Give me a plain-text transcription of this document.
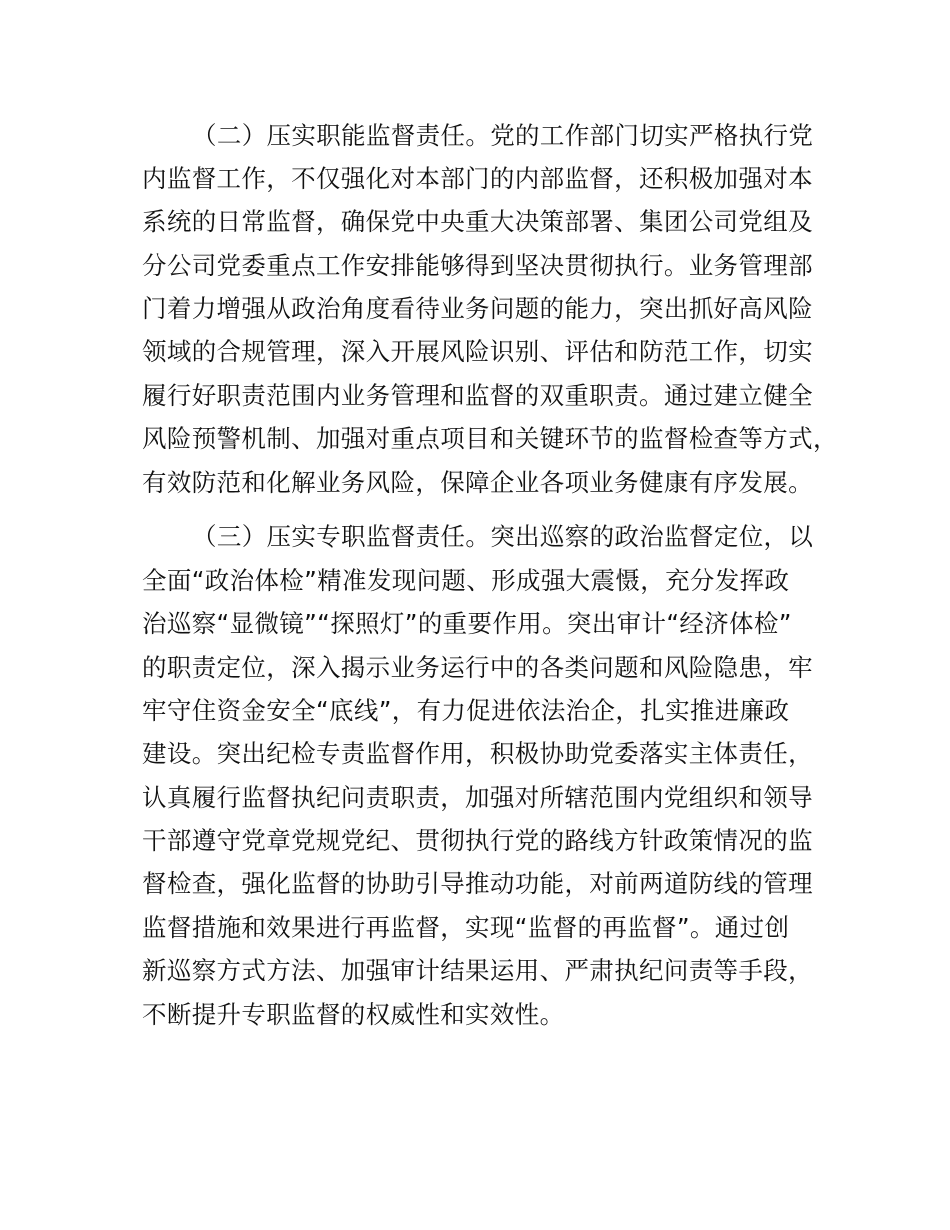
（二）压实职能监督责任。党的工作部门切实严格执行党
内监督工作，不仅强化对本部门的内部监督，还积极加强对本
系统的日常监督，确保党中央重大决策部署、集团公司党组及
分公司党委重点工作安排能够得到坚决贯彻执行。业务管理部
门着力增强从政治角度看待业务问题的能力，突出抓好高风险
领域的合规管理，深入开展风险识别、评估和防范工作，切实
履行好职责范围内业务管理和监督的双重职责。通过建立健全
风险预警机制、加强对重点项目和关键环节的监督检查等方式，
有效防范和化解业务风险，保障企业各项业务健康有序发展。
（三）压实专职监督责任。突出巡察的政治监督定位，以
全面“政治体检”精准发现问题、形成强大震慑，充分发挥政
治巡察“显微镜”“探照灯”的重要作用。突出审计“经济体检”
的职责定位，深入揭示业务运行中的各类问题和风险隐患，牢
牢守住资金安全“底线”，有力促进依法治企，扎实推进廉政
建设。突出纪检专责监督作用，积极协助党委落实主体责任，
认真履行监督执纪问责职责，加强对所辖范围内党组织和领导
干部遵守党章党规党纪、贯彻执行党的路线方针政策情况的监
督检查，强化监督的协助引导推动功能，对前两道防线的管理
监督措施和效果进行再监督，实现“监督的再监督”。通过创
新巡察方式方法、加强审计结果运用、严肃执纪问责等手段，
不断提升专职监督的权威性和实效性。
